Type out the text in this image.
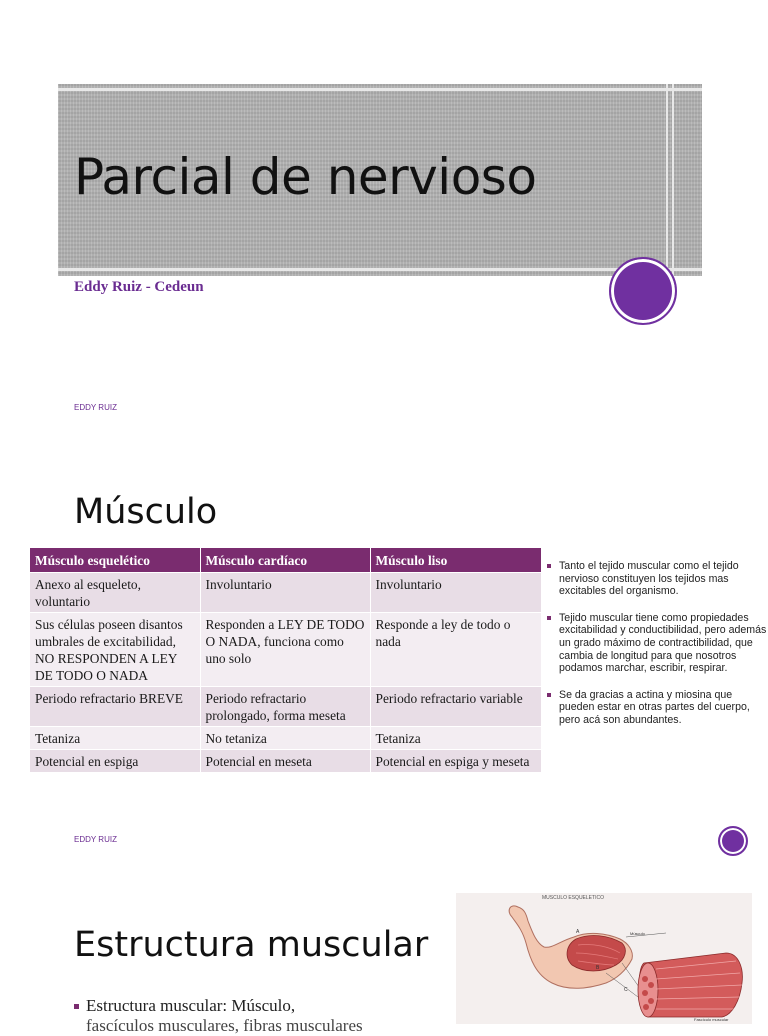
Parcial de nervioso
Eddy Ruiz - Cedeun
EDDY RUIZ
Músculo
Músculo esquelético	Músculo cardíaco	Músculo liso
Anexo al esqueleto, voluntario	Involuntario	Involuntario
Sus células poseen disantos umbrales de excitabilidad, NO RESPONDEN A LEY DE TODO O NADA	Responden a LEY DE TODO O NADA, funciona como uno solo	Responde a ley de todo o nada
Periodo refractario BREVE	Periodo refractario prolongado, forma meseta	Periodo refractario variable
Tetaniza	No tetaniza	Tetaniza
Potencial en espiga	Potencial en meseta	Potencial en espiga y meseta
Tanto el tejido muscular como el tejido nervioso constituyen los tejidos mas excitables del organismo.
Tejido muscular tiene como propiedades excitabilidad y conductibilidad, pero además un grado máximo de contractibilidad, que cambia de longitud para que nosotros podamos marchar, escribir, respirar.
Se da gracias a actina y miosina que pueden estar en otras partes del cuerpo, pero acá son abundantes.
EDDY RUIZ
Estructura muscular

Estructura muscular: Músculo,
fascículos musculares, fibras musculares

MUSCULO ESQUELETICO
A	Músculo
B
C
Fascículo muscular
